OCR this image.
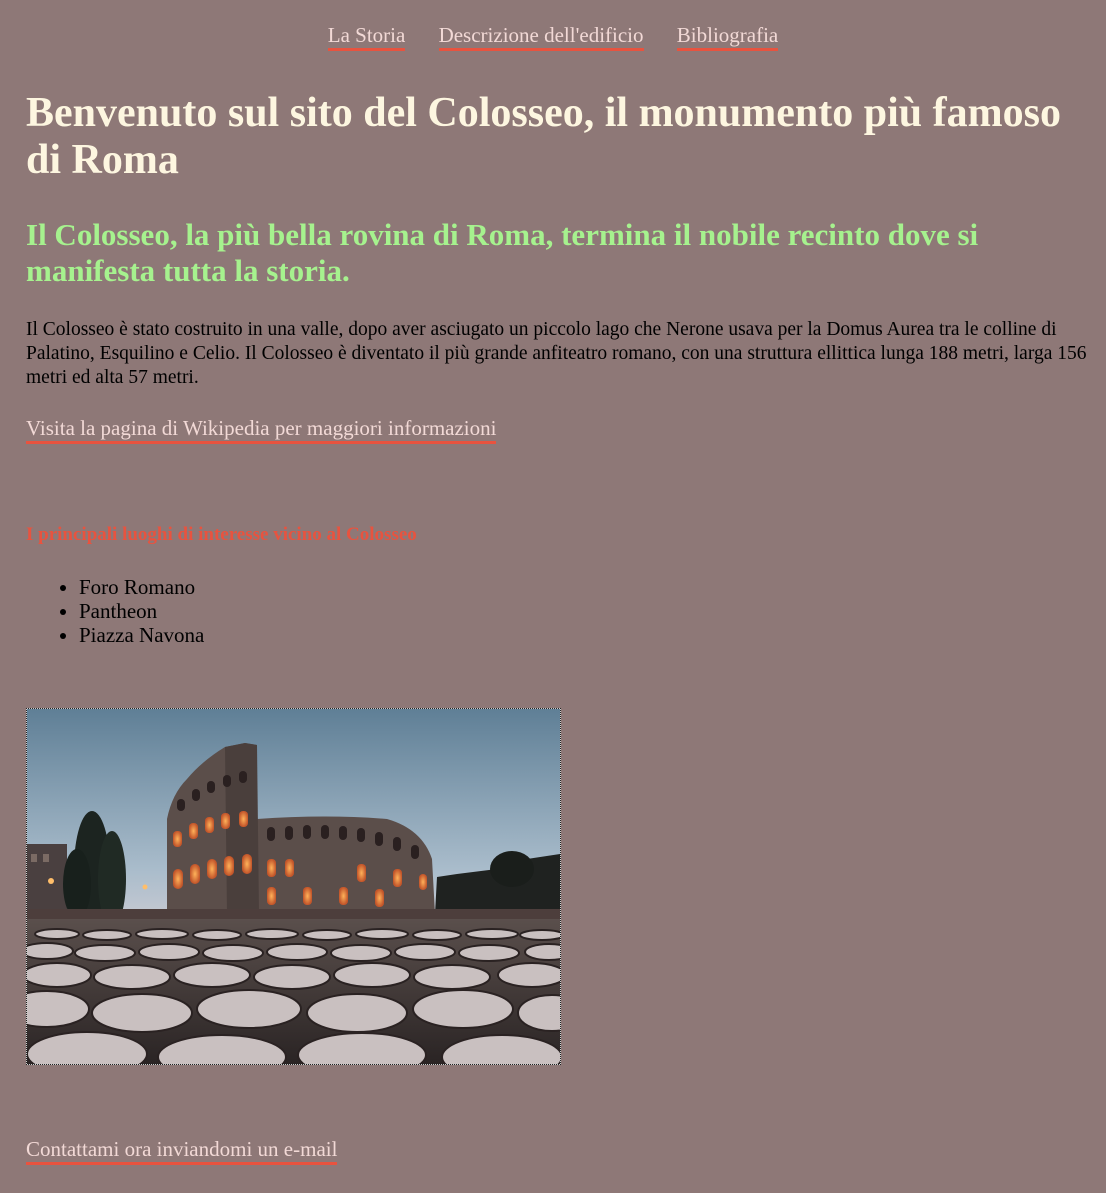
La Storia Descrizione dell'edificio Bibliografia
Benvenuto sul sito del Colosseo, il monumento più famoso di Roma
Il Colosseo, la più bella rovina di Roma, termina il nobile recinto dove si manifesta tutta la storia.

Il Colosseo è stato costruito in una valle, dopo aver asciugato un piccolo lago che Nerone usava per la Domus Aurea tra le colline di Palatino, Esquilino e Celio. Il Colosseo è diventato il più grande anfiteatro romano, con una struttura ellittica lunga 188 metri, larga 156 metri ed alta 57 metri.

Visita la pagina di Wikipedia per maggiori informazioni
I principali luoghi di interesse vicino al Colosseo
• Foro Romano
• Pantheon
• Piazza Navona
Contattami ora inviandomi un e-mail
